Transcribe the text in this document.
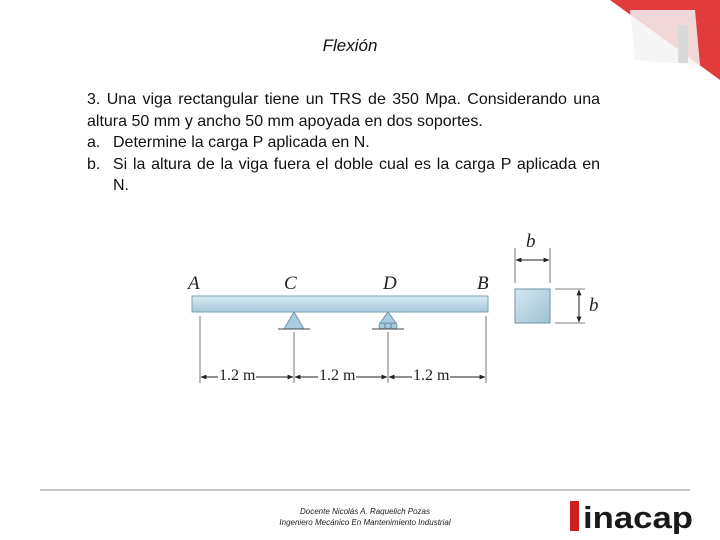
Flexión
3. Una viga rectangular tiene un TRS de 350 Mpa. Considerando una altura 50 mm y ancho 50 mm apoyada en dos soportes.
a. Determine la carga P aplicada en N.
b. Si la altura de la viga fuera el doble cual es la carga P aplicada en N.
A	C	D	B
1.2 m	1.2 m	1.2 m
b
b
Docente Nicolás A. Raquelich Pozas
Ingeniero Mecánico En Mantenimiento Industrial	inacap
